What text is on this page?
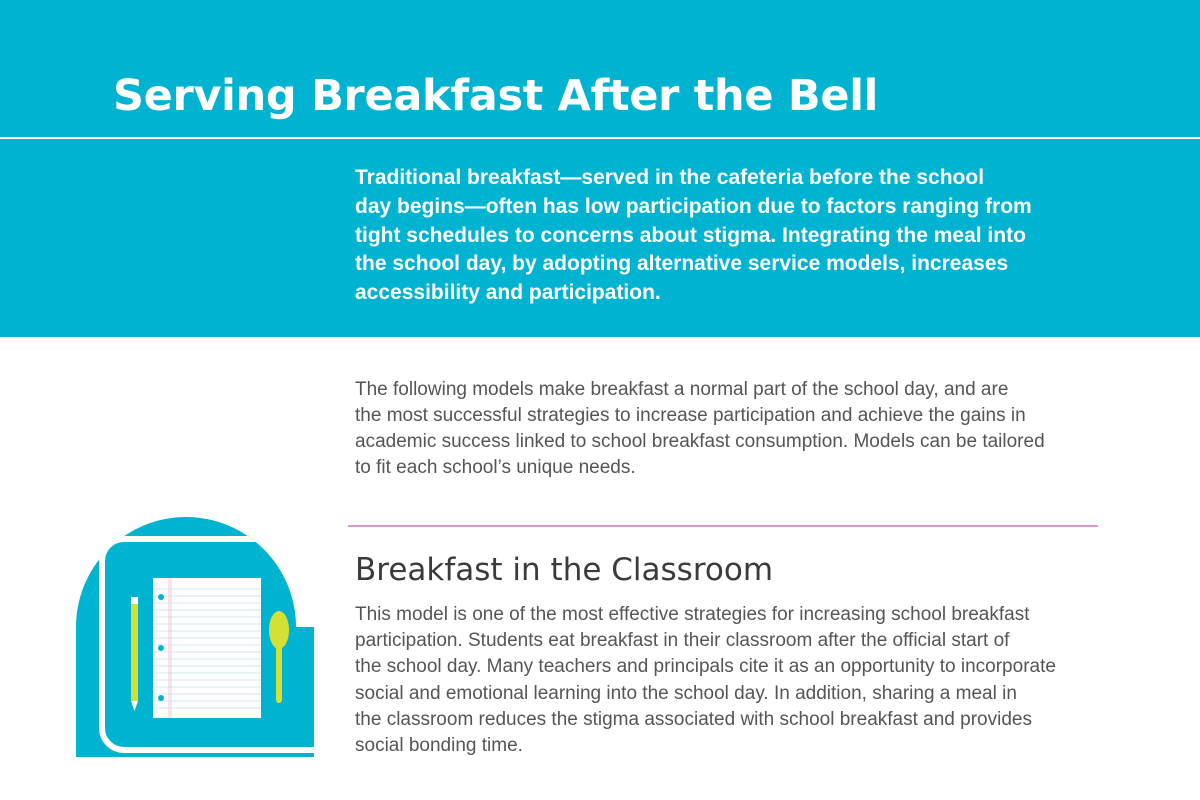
Serving Breakfast After the Bell

Traditional breakfast—served in the cafeteria before the school
day begins—often has low participation due to factors ranging from
tight schedules to concerns about stigma. Integrating the meal into
the school day, by adopting alternative service models, increases
accessibility and participation.

The following models make breakfast a normal part of the school day, and are
the most successful strategies to increase participation and achieve the gains in
academic success linked to school breakfast consumption. Models can be tailored
to fit each school’s unique needs.

Breakfast in the Classroom

This model is one of the most effective strategies for increasing school breakfast
participation. Students eat breakfast in their classroom after the official start of
the school day. Many teachers and principals cite it as an opportunity to incorporate
social and emotional learning into the school day. In addition, sharing a meal in
the classroom reduces the stigma associated with school breakfast and provides
social bonding time.
